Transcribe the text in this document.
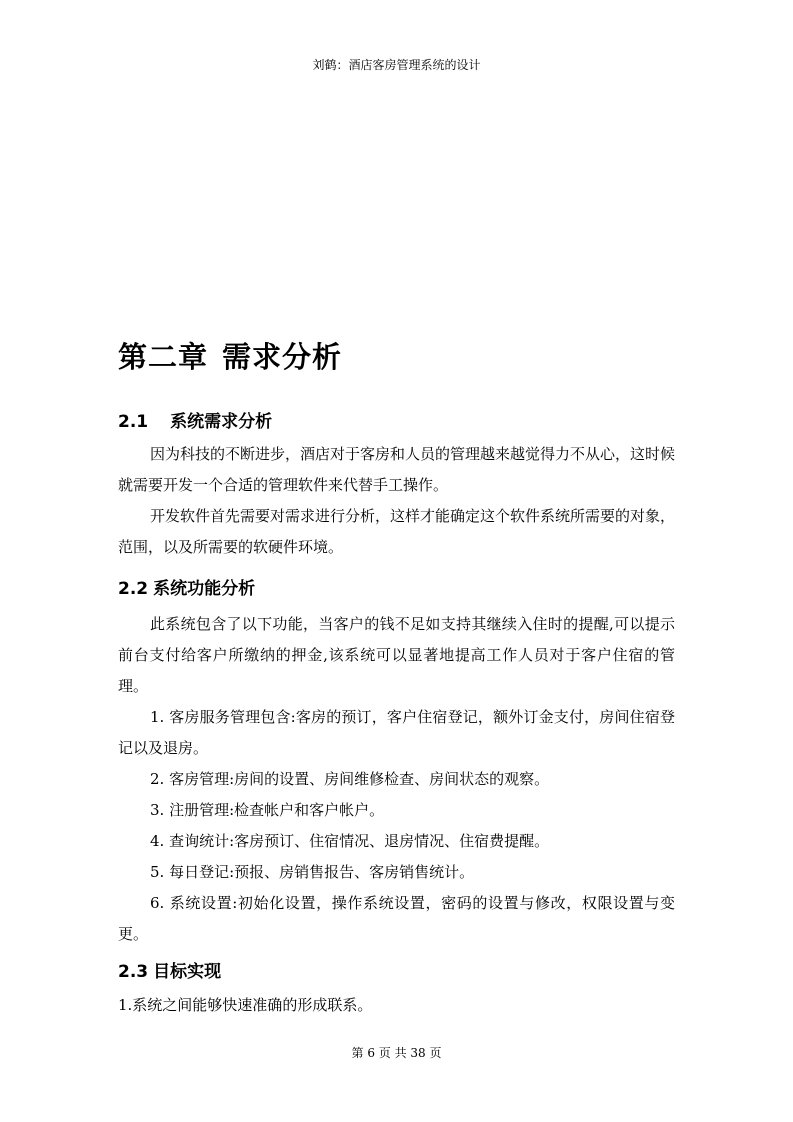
刘鹤：酒店客房管理系统的设计
第二章 需求分析
2.1 系统需求分析

因为科技的不断进步，酒店对于客房和人员的管理越来越觉得力不从心，这时候就需要开发一个合适的管理软件来代替手工操作。

开发软件首先需要对需求进行分析，这样才能确定这个软件系统所需要的对象，范围，以及所需要的软硬件环境。

2.2 系统功能分析

此系统包含了以下功能，当客户的钱不足如支持其继续入住时的提醒,可以提示前台支付给客户所缴纳的押金,该系统可以显著地提高工作人员对于客户住宿的管理。

1. 客房服务管理包含:客房的预订，客户住宿登记，额外订金支付，房间住宿登记以及退房。

2. 客房管理:房间的设置、房间维修检查、房间状态的观察。

3. 注册管理:检查帐户和客户帐户。

4. 查询统计:客房预订、住宿情况、退房情况、住宿费提醒。

5. 每日登记:预报、房销售报告、客房销售统计。

6. 系统设置:初始化设置，操作系统设置，密码的设置与修改，权限设置与变更。

2.3 目标实现

1.系统之间能够快速准确的形成联系。

第 6 页 共 38 页
